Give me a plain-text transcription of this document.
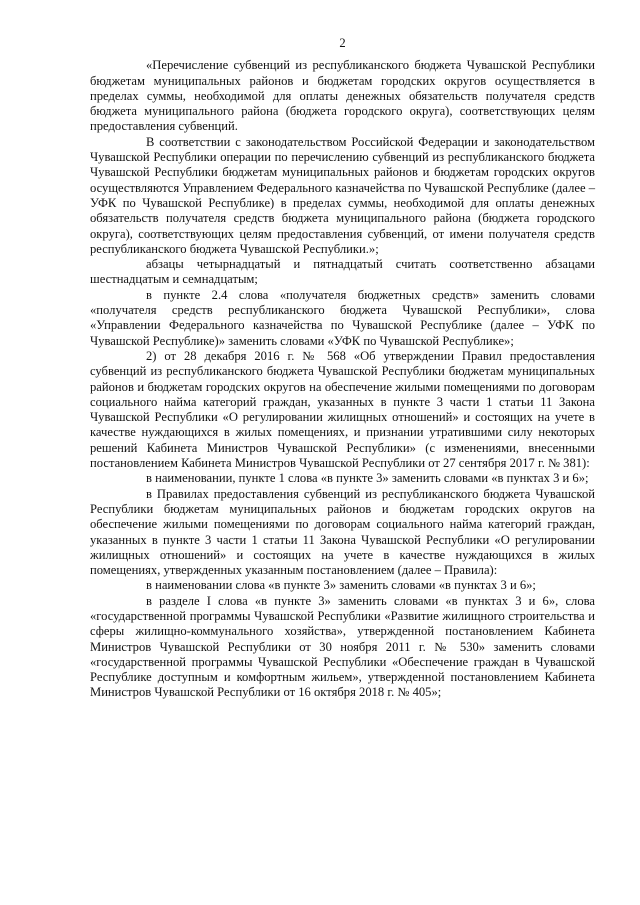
2

«Перечисление субвенций из республиканского бюджета Чувашской Республики бюджетам муниципальных районов и бюджетам городских округов осуществляется в пределах суммы, необходимой для оплаты денежных обязательств получателя средств бюджета муниципального района (бюджета городского округа), соответствующих целям предоставления субвенций.

В соответствии с законодательством Российской Федерации и законодательством Чувашской Республики операции по перечислению субвенций из республиканского бюджета Чувашской Республики бюджетам муниципальных районов и бюджетам городских округов осуществляются Управлением Федерального казначейства по Чувашской Республике (далее – УФК по Чувашской Республике) в пределах суммы, необходимой для оплаты денежных обязательств получателя средств бюджета муниципального района (бюджета городского округа), соответствующих целям предоставления субвенций, от имени получателя средств республиканского бюджета Чувашской Республики.»;

абзацы четырнадцатый и пятнадцатый считать соответственно абзацами шестнадцатым и семнадцатым;

в пункте 2.4 слова «получателя бюджетных средств» заменить словами «получателя средств республиканского бюджета Чувашской Республики», слова «Управлении Федерального казначейства по Чувашской Республике (далее – УФК по Чувашской Республике)» заменить словами «УФК по Чувашской Республике»;

2) от 28 декабря 2016 г. № 568 «Об утверждении Правил предоставления субвенций из республиканского бюджета Чувашской Республики бюджетам муниципальных районов и бюджетам городских округов на обеспечение жилыми помещениями по договорам социального найма категорий граждан, указанных в пункте 3 части 1 статьи 11 Закона Чувашской Республики «О регулировании жилищных отношений» и состоящих на учете в качестве нуждающихся в жилых помещениях, и признании утратившими силу некоторых решений Кабинета Министров Чувашской Республики» (с изменениями, внесенными постановлением Кабинета Министров Чувашской Республики от 27 сентября 2017 г. № 381):

в наименовании, пункте 1 слова «в пункте 3» заменить словами «в пунктах 3 и 6»;

в Правилах предоставления субвенций из республиканского бюджета Чувашской Республики бюджетам муниципальных районов и бюджетам городских округов на обеспечение жилыми помещениями по договорам социального найма категорий граждан, указанных в пункте 3 части 1 статьи 11 Закона Чувашской Республики «О регулировании жилищных отношений» и состоящих на учете в качестве нуждающихся в жилых помещениях, утвержденных указанным постановлением (далее – Правила):

в наименовании слова «в пункте 3» заменить словами «в пунктах 3 и 6»;

в разделе I слова «в пункте 3» заменить словами «в пунктах 3 и 6», слова «государственной программы Чувашской Республики «Развитие жилищного строительства и сферы жилищно-коммунального хозяйства», утвержденной постановлением Кабинета Министров Чувашской Республики от 30 ноября 2011 г. № 530» заменить словами «государственной программы Чувашской Республики «Обеспечение граждан в Чувашской Республике доступным и комфортным жильем», утвержденной постановлением Кабинета Министров Чувашской Республики от 16 октября 2018 г. № 405»;
